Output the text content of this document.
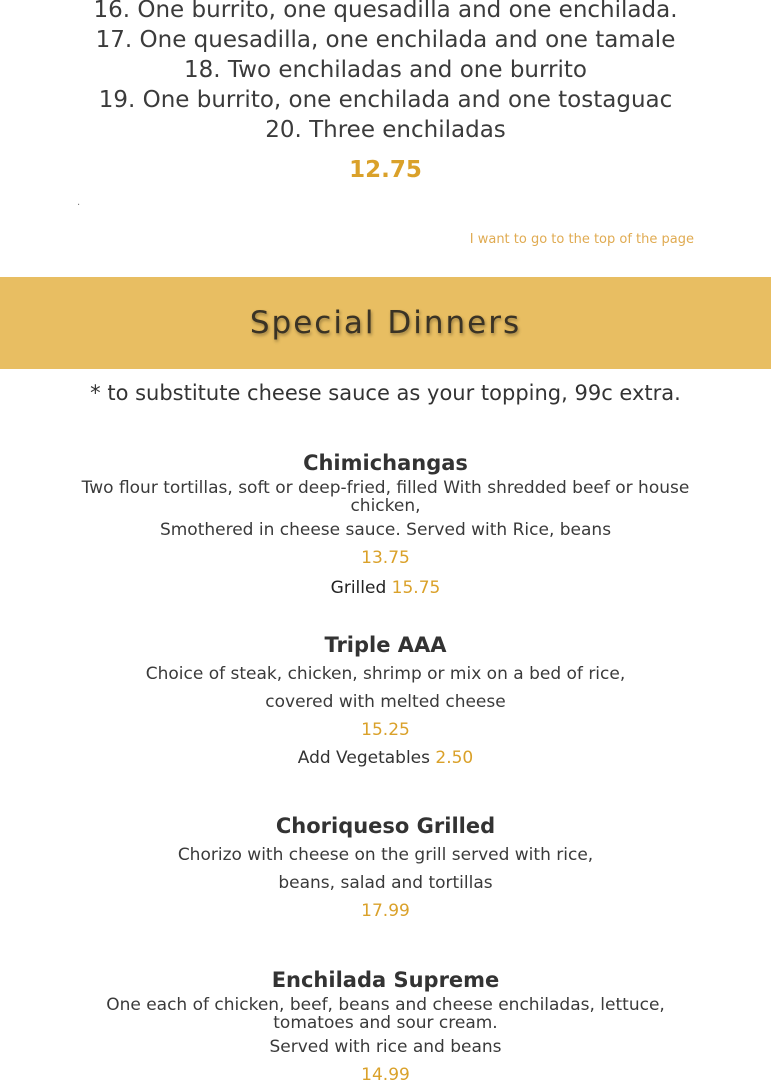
16. One burrito, one quesadilla and one enchilada.
17. One quesadilla, one enchilada and one tamale
18. Two enchiladas and one burrito
19. One burrito, one enchilada and one tostaguac
20. Three enchiladas
12.75
.
I want to go to the top of the page
Special Dinners
* to substitute cheese sauce as your topping, 99c extra.
Chimichangas
Two flour tortillas, soft or deep-fried, filled With shredded beef or house chicken,
Smothered in cheese sauce. Served with Rice, beans
13.75
Grilled 15.75
Triple AAA
Choice of steak, chicken, shrimp or mix on a bed of rice,
covered with melted cheese
15.25
Add Vegetables 2.50
Choriqueso Grilled
Chorizo with cheese on the grill served with rice,
beans, salad and tortillas
17.99
Enchilada Supreme
One each of chicken, beef, beans and cheese enchiladas, lettuce, tomatoes and sour cream.
Served with rice and beans
14.99
